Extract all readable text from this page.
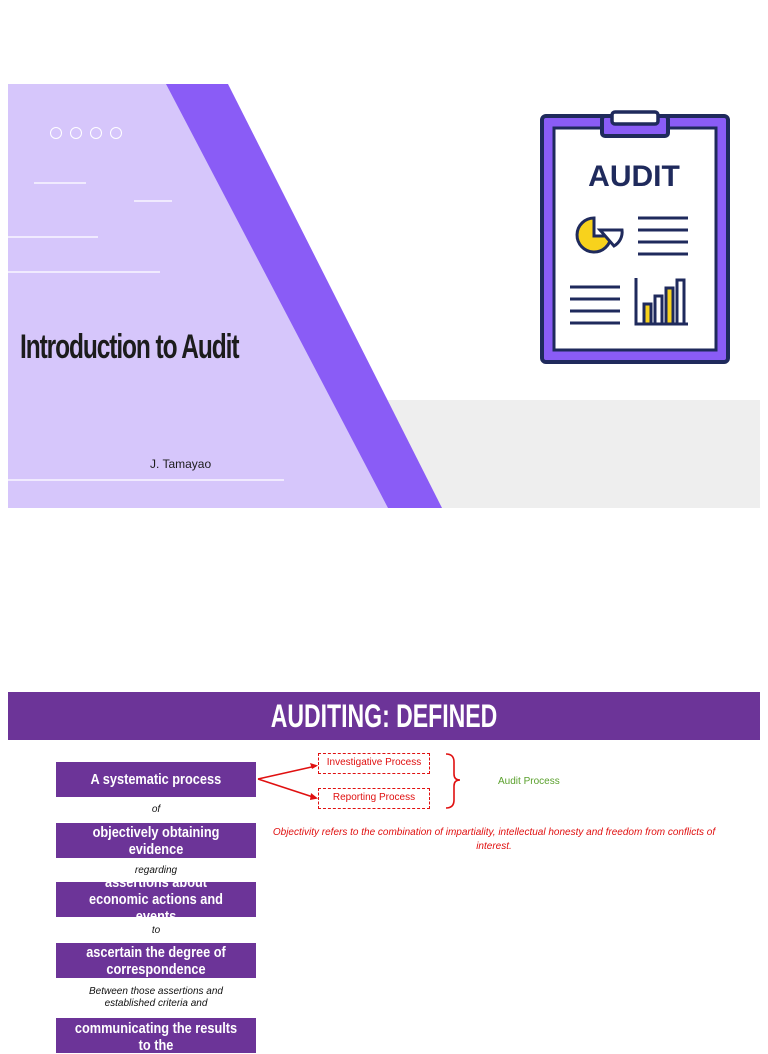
Introduction to Audit
J. Tamayao
AUDIT
AUDITING: DEFINED
A systematic process
of
objectively obtaining evidence
regarding
assertions about economic actions and events
to
ascertain the degree of correspondence
Between those assertions and established criteria and
communicating the results to the
Investigative Process
Reporting Process
Audit Process
Objectivity refers to the combination of impartiality, intellectual honesty and freedom from conflicts of interest.
